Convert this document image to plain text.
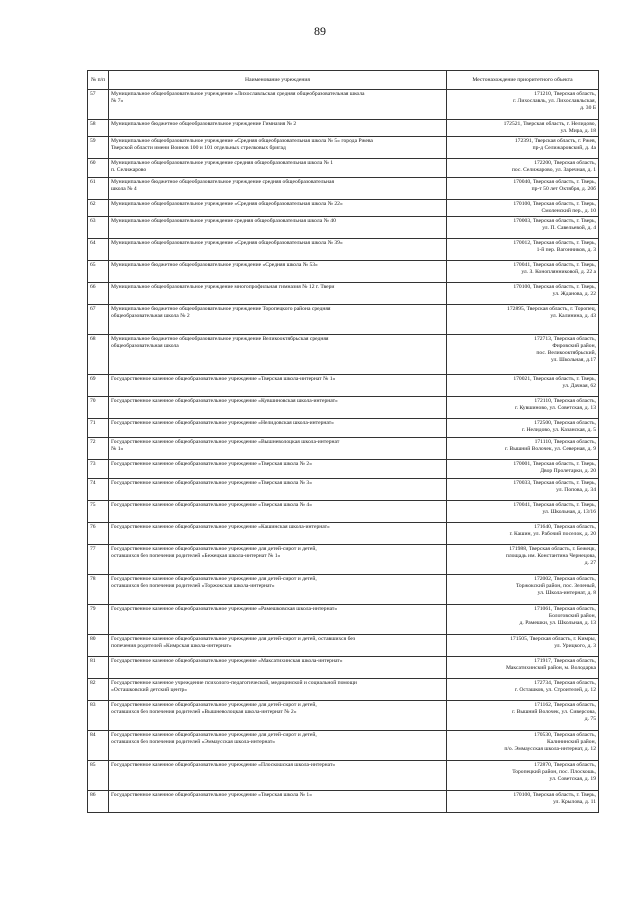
89
№ п/п	Наименование учреждения	Местонахождение приоритетного объекта
57	Муниципальное общеобразовательное учреждение «Лихославльская средняя общеобразовательная школа
№ 7»	171210, Тверская область,
г. Лихославль, ул. Лихославльская,
д. 30 Б

58	Муниципальное бюджетное общеобразовательное учреждение Гимназия № 2	172521, Тверская область, г. Нелидово,
ул. Мира, д. 18

59	Муниципальное общеобразовательное учреждение «Средняя общеобразовательная школа № 5» города Ржева
Тверской области имени Воинов 100 и 101 отдельных стрелковых бригад	172391, Тверская область, г. Ржев,
пр-д Селижаровский, д. 4а

60	Муниципальное общеобразовательное учреждение средняя общеобразовательная школа № 1
п. Селижарово	172200, Тверская область,
пос. Селижарово, ул. Заречная, д. 1

61	Муниципальное бюджетное общеобразовательное учреждение средняя общеобразовательная
школа № 4	170040, Тверская область, г. Тверь,
пр-т 50 лет Октября, д. 20б

62	Муниципальное общеобразовательное учреждение «Средняя общеобразовательная школа № 22»	170100, Тверская область, г. Тверь,
Смоленский пер., д. 10

63	Муниципальное общеобразовательное учреждение средняя общеобразовательная школа № 40	170003, Тверская область, г. Тверь,
ул. П. Савельевой, д. 4

64	Муниципальное общеобразовательное учреждение «Средняя общеобразовательная школа № 39»	170012, Тверская область, г. Тверь,
1-й пер. Вагонников, д. 3

65	Муниципальное бюджетное общеобразовательное учреждение «Средняя школа № 53»	170041, Тверская область, г. Тверь,
ул. З. Коноплянниковой, д. 22 а

66	Муниципальное общеобразовательное учреждение многопрофильная гимназия № 12 г. Твери	170100, Тверская область, г. Тверь,
ул. Жданова, д. 22

67	Муниципальное бюджетное общеобразовательное учреждение Торопецкого района средняя
общеобразовательная школа № 2	172895, Тверская область, г. Торопец,
ул. Калинина, д. 43

68	Муниципальное бюджетное общеобразовательное учреждение Великооктябрьская средняя
общеобразовательная школа	172713, Тверская область,
Фировский район,
пос. Великооктябрьский,
ул. Школьная, д.17

69	Государственное казенное общеобразовательное учреждение «Тверская школа-интернат № 1»	170021, Тверская область, г. Тверь,
ул. Дачная, 62

70	Государственное казенное общеобразовательное учреждение «Кувшиновская школа-интернат»	172110, Тверская область,
г. Кувшиново, ул. Советская, д. 13

71	Государственное казенное общеобразовательное учреждение «Нелидовская школа-интернат»	172500, Тверская область,
г. Нелидово, ул. Казанская, д. 5

72	Государственное казенное общеобразовательное учреждение «Вышневолоцкая школа-интернат
№ 1»	171110, Тверская область,
г. Вышний Волочек, ул. Северная, д. 9

73	Государственное казенное общеобразовательное учреждение «Тверская школа № 2»	170001, Тверская область, г. Тверь,
Двор Пролетарки, д. 20

74	Государственное казенное общеобразовательное учреждение «Тверская школа № 3»	170033, Тверская область, г. Тверь,
ул. Попова, д. 34

75	Государственное казенное общеобразовательное учреждение «Тверская школа № 4»	170041, Тверская область, г. Тверь,
ул. Школьная, д. 13/16

76	Государственное казенное общеобразовательное учреждение «Кашинская школа-интернат»	171640, Тверская область,
г. Кашин, ул. Рабочий поселок, д. 20

77	Государственное казенное общеобразовательное учреждение для детей-сирот и детей,
оставшихся без попечения родителей «Бежецкая школа-интернат № 1»	171988, Тверская область, г. Бежецк,
площадь им. Константина Чернецова,
д. 27

78	Государственное казенное общеобразовательное учреждение для детей-сирот и детей,
оставшихся без попечения родителей «Торжокская школа-интернат»	172002, Тверская область,
Торжокский район, пос. Зеленый,
ул. Школа-интернат, д. 8

79	Государственное казенное общеобразовательное учреждение «Рамешковская школа-интернат»	171061, Тверская область,
Бологовский район,
д. Рамешки, ул. Школьная, д. 13

80	Государственное казенное общеобразовательное учреждение для детей-сирот и детей, оставшихся без
попечения родителей «Кимрская школа-интернат»	171505, Тверская область, г. Кимры,
ул. Урицкого, д. 3

81	Государственное казенное общеобразовательное учреждение «Максатихинская школа-интернат»	171917, Тверская область,
Максатихинский район, м. Володарка

82	Государственное казенное учреждение психолого-педагогической, медицинской и социальной помощи
«Осташковский детский центр»	172734, Тверская область,
г. Осташков, ул. Строителей, д. 12

83	Государственное казенное общеобразовательное учреждение для детей-сирот и детей,
оставшихся без попечения родителей «Вышневолоцкая школа-интернат № 2»	171162, Тверская область,
г. Вышний Волочек, ул. Сиверсова,
д. 75

84	Государственное казенное общеобразовательное учреждение для детей-сирот и детей,
оставшихся без попечения родителей «Эммаусская школа-интернат»	170530, Тверская область,
Калининский район,
п/о. Эммаусская школа-интернат, д. 12

85	Государственное казенное общеобразовательное учреждение «Плоскошская школа-интернат»	172870, Тверская область,
Торопецкий район, пос. Плоскошь,
ул. Советская, д. 19

86	Государственное казенное общеобразовательное учреждение «Тверская школа № 1»	170100, Тверская область, г. Тверь,
ул. Крылова, д. 11
